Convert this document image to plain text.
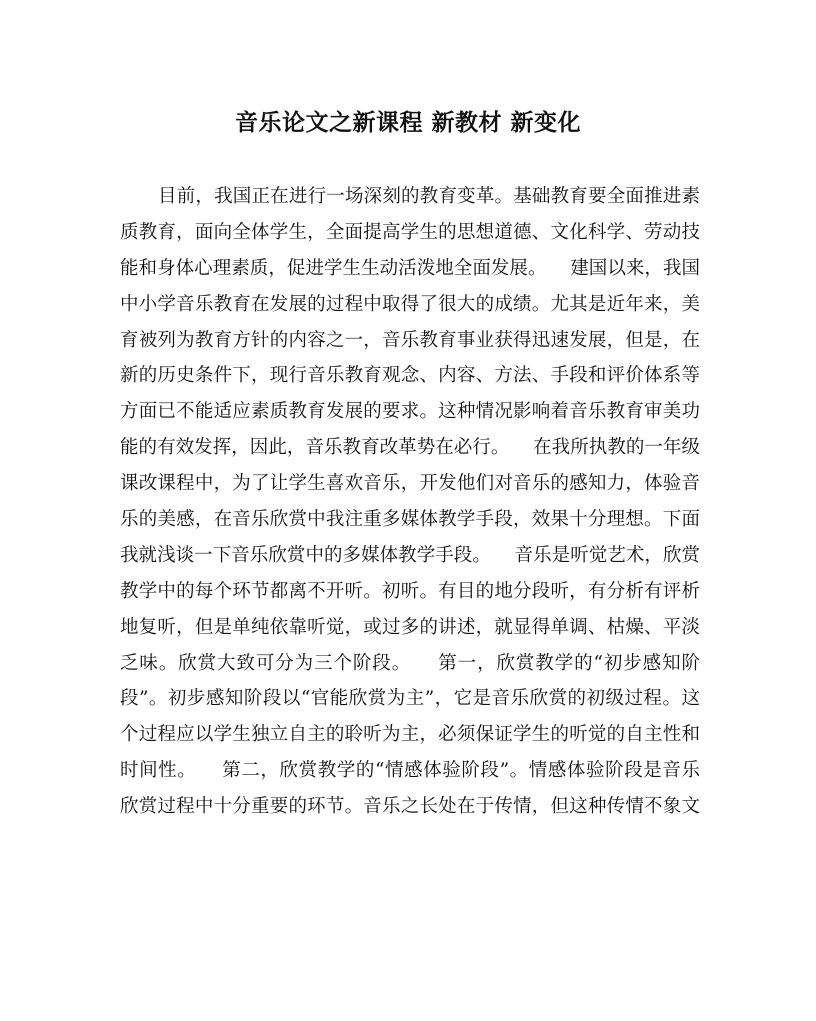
音乐论文之新课程 新教材 新变化
目前，我国正在进行一场深刻的教育变革。基础教育要全面推进素
质教育，面向全体学生，全面提高学生的思想道德、文化科学、劳动技
能和身体心理素质，促进学生生动活泼地全面发展。    建国以来，我国
中小学音乐教育在发展的过程中取得了很大的成绩。尤其是近年来，美
育被列为教育方针的内容之一，音乐教育事业获得迅速发展，但是，在
新的历史条件下，现行音乐教育观念、内容、方法、手段和评价体系等
方面已不能适应素质教育发展的要求。这种情况影响着音乐教育审美功
能的有效发挥，因此，音乐教育改革势在必行。    在我所执教的一年级
课改课程中，为了让学生喜欢音乐，开发他们对音乐的感知力，体验音
乐的美感，在音乐欣赏中我注重多媒体教学手段，效果十分理想。下面
我就浅谈一下音乐欣赏中的多媒体教学手段。    音乐是听觉艺术，欣赏
教学中的每个环节都离不开听。初听。有目的地分段听，有分析有评析
地复听，但是单纯依靠听觉，或过多的讲述，就显得单调、枯燥、平淡
乏味。欣赏大致可分为三个阶段。    第一，欣赏教学的“初步感知阶
段”。初步感知阶段以“官能欣赏为主”，它是音乐欣赏的初级过程。这
个过程应以学生独立自主的聆听为主，必须保证学生的听觉的自主性和
时间性。    第二，欣赏教学的“情感体验阶段”。情感体验阶段是音乐
欣赏过程中十分重要的环节。音乐之长处在于传情，但这种传情不象文
